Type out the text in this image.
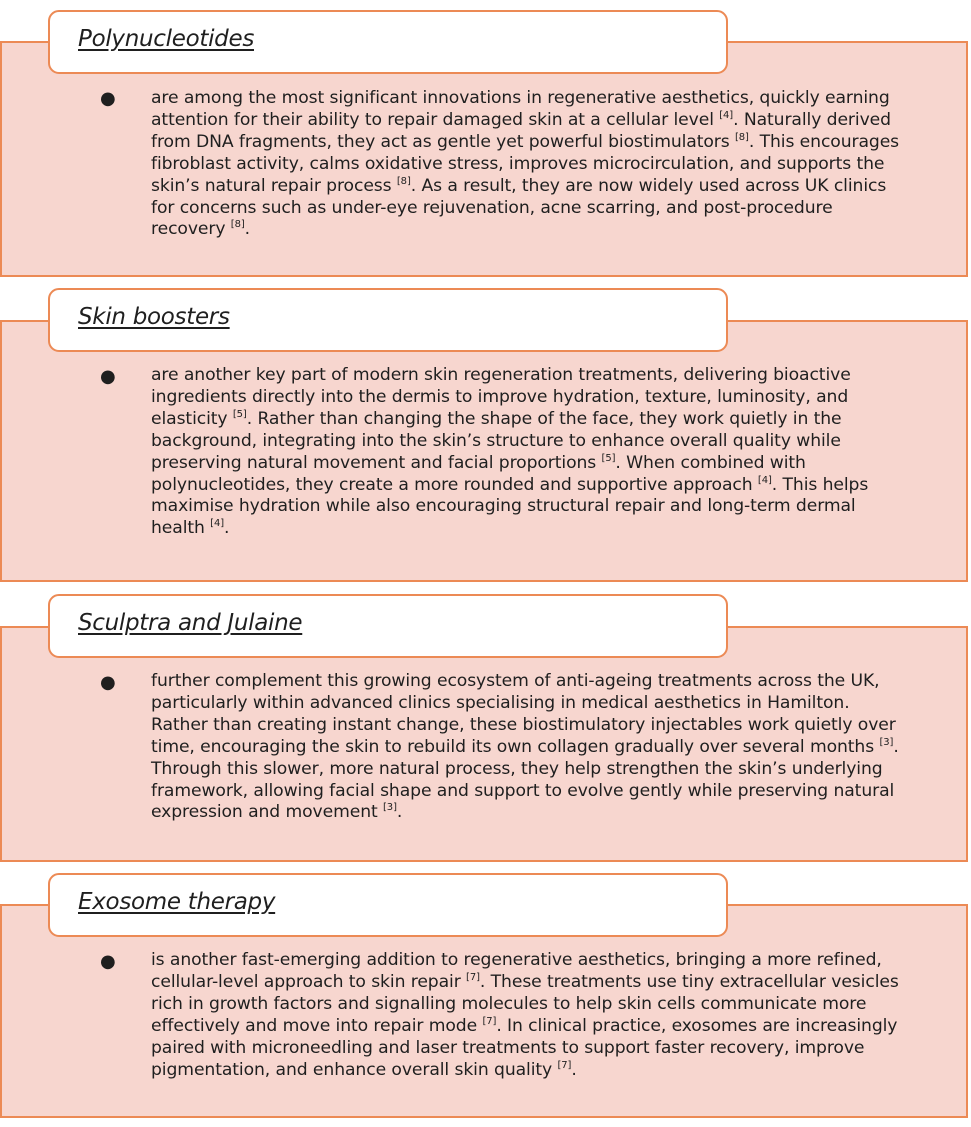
Polynucleotides
● are among the most significant innovations in regenerative aesthetics, quickly earning attention for their ability to repair damaged skin at a cellular level [4]. Naturally derived from DNA fragments, they act as gentle yet powerful biostimulators [8]. This encourages fibroblast activity, calms oxidative stress, improves microcirculation, and supports the skin’s natural repair process [8]. As a result, they are now widely used across UK clinics for concerns such as under-eye rejuvenation, acne scarring, and post-procedure recovery [8].

Skin boosters
● are another key part of modern skin regeneration treatments, delivering bioactive ingredients directly into the dermis to improve hydration, texture, luminosity, and elasticity [5]. Rather than changing the shape of the face, they work quietly in the background, integrating into the skin’s structure to enhance overall quality while preserving natural movement and facial proportions [5]. When combined with polynucleotides, they create a more rounded and supportive approach [4]. This helps maximise hydration while also encouraging structural repair and long-term dermal health [4].

Sculptra and Julaine
● further complement this growing ecosystem of anti-ageing treatments across the UK, particularly within advanced clinics specialising in medical aesthetics in Hamilton. Rather than creating instant change, these biostimulatory injectables work quietly over time, encouraging the skin to rebuild its own collagen gradually over several months [3]. Through this slower, more natural process, they help strengthen the skin’s underlying framework, allowing facial shape and support to evolve gently while preserving natural expression and movement [3].

Exosome therapy
● is another fast-emerging addition to regenerative aesthetics, bringing a more refined, cellular-level approach to skin repair [7]. These treatments use tiny extracellular vesicles rich in growth factors and signalling molecules to help skin cells communicate more effectively and move into repair mode [7]. In clinical practice, exosomes are increasingly paired with microneedling and laser treatments to support faster recovery, improve pigmentation, and enhance overall skin quality [7].
